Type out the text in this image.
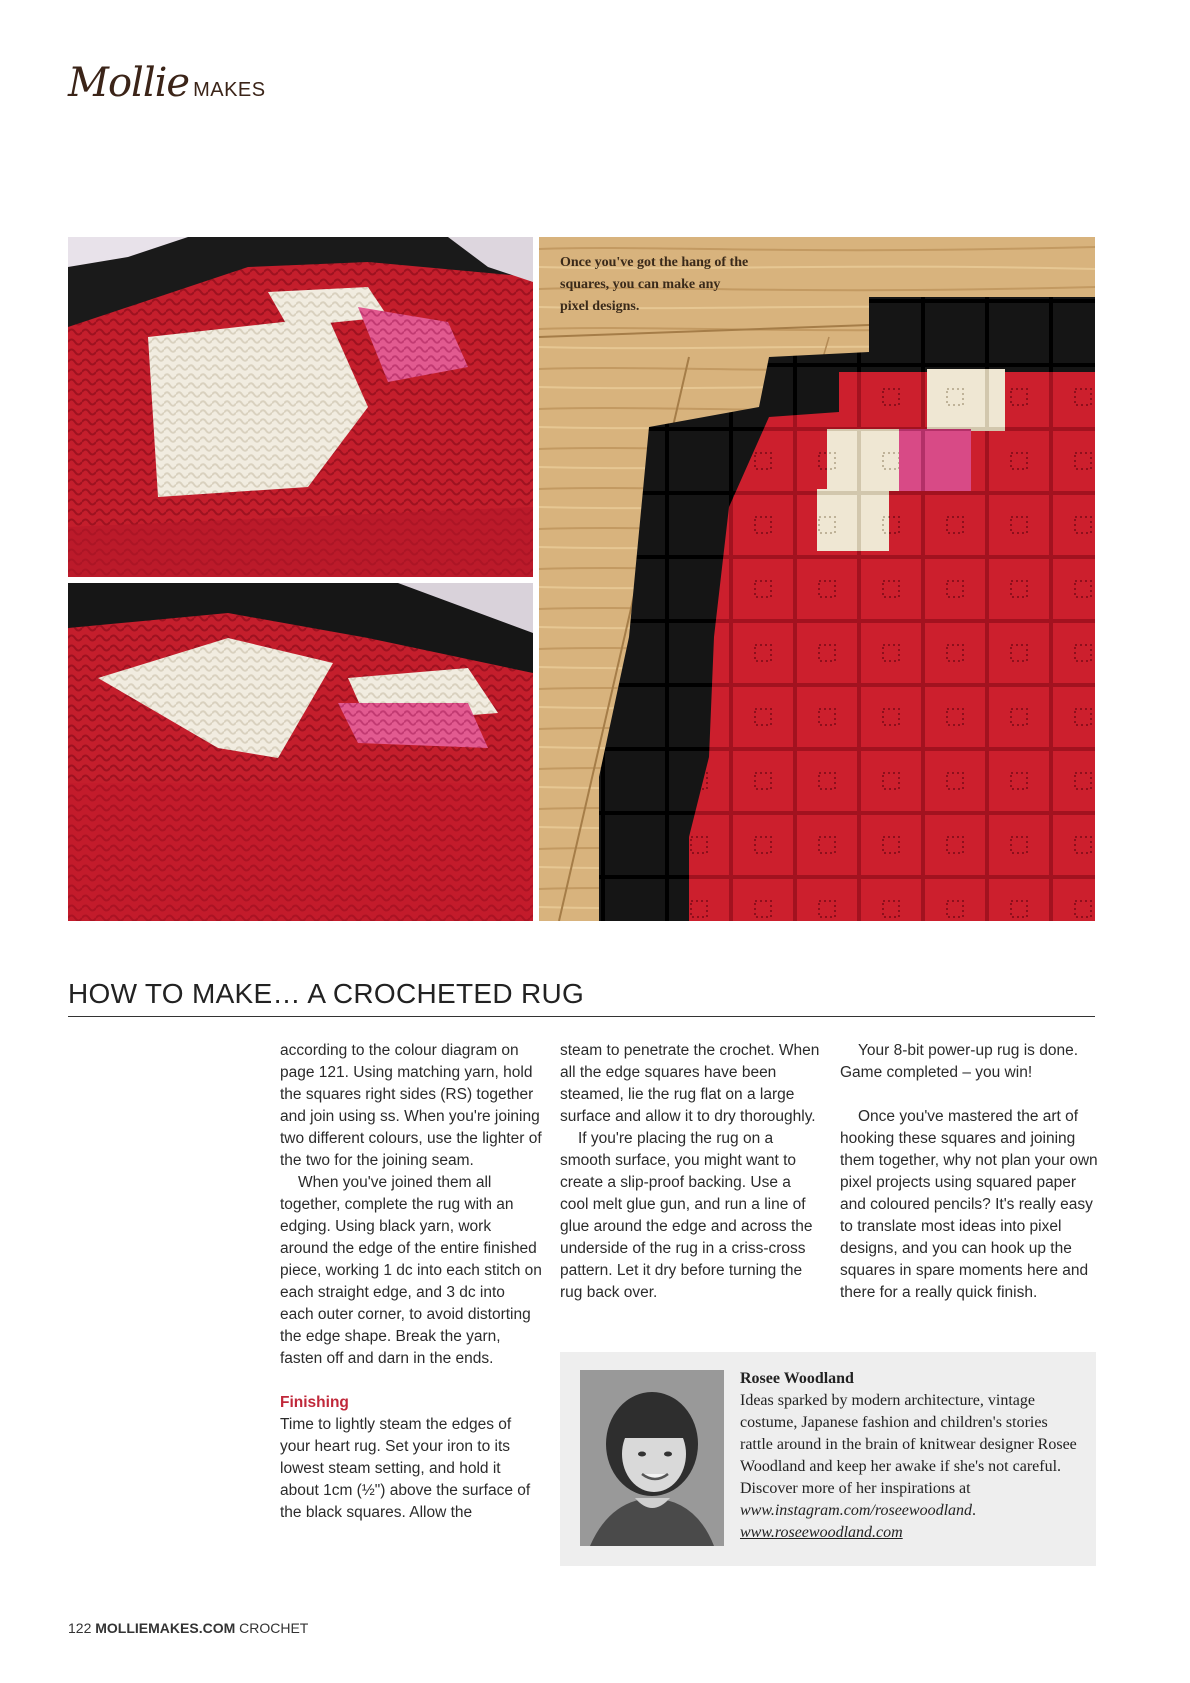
Mollie MAKES
Once you've got the hang of the squares, you can make any pixel designs.
HOW TO MAKE… A CROCHETED RUG

according to the colour diagram on page 121. Using matching yarn, hold the squares right sides (RS) together and join using ss. When you're joining two different colours, use the lighter of the two for the joining seam.

When you've joined them all together, complete the rug with an edging. Using black yarn, work around the edge of the entire finished piece, working 1 dc into each stitch on each straight edge, and 3 dc into each outer corner, to avoid distorting the edge shape. Break the yarn, fasten off and darn in the ends.

Finishing

Time to lightly steam the edges of your heart rug. Set your iron to its lowest steam setting, and hold it about 1cm (½") above the surface of the black squares. Allow the

steam to penetrate the crochet. When all the edge squares have been steamed, lie the rug flat on a large surface and allow it to dry thoroughly.

If you're placing the rug on a smooth surface, you might want to create a slip-proof backing. Use a cool melt glue gun, and run a line of glue around the edge and across the underside of the rug in a criss-cross pattern. Let it dry before turning the rug back over.

Your 8-bit power-up rug is done. Game completed – you win!

Once you've mastered the art of hooking these squares and joining them together, why not plan your own pixel projects using squared paper and coloured pencils? It's really easy to translate most ideas into pixel designs, and you can hook up the squares in spare moments here and there for a really quick finish.

Rosee Woodland
Ideas sparked by modern architecture, vintage costume, Japanese fashion and children's stories rattle around in the brain of knitwear designer Rosee Woodland and keep her awake if she's not careful. Discover more of her inspirations at www.instagram.com/roseewoodland. www.roseewoodland.com
122 MOLLIEMAKES.COM CROCHET
